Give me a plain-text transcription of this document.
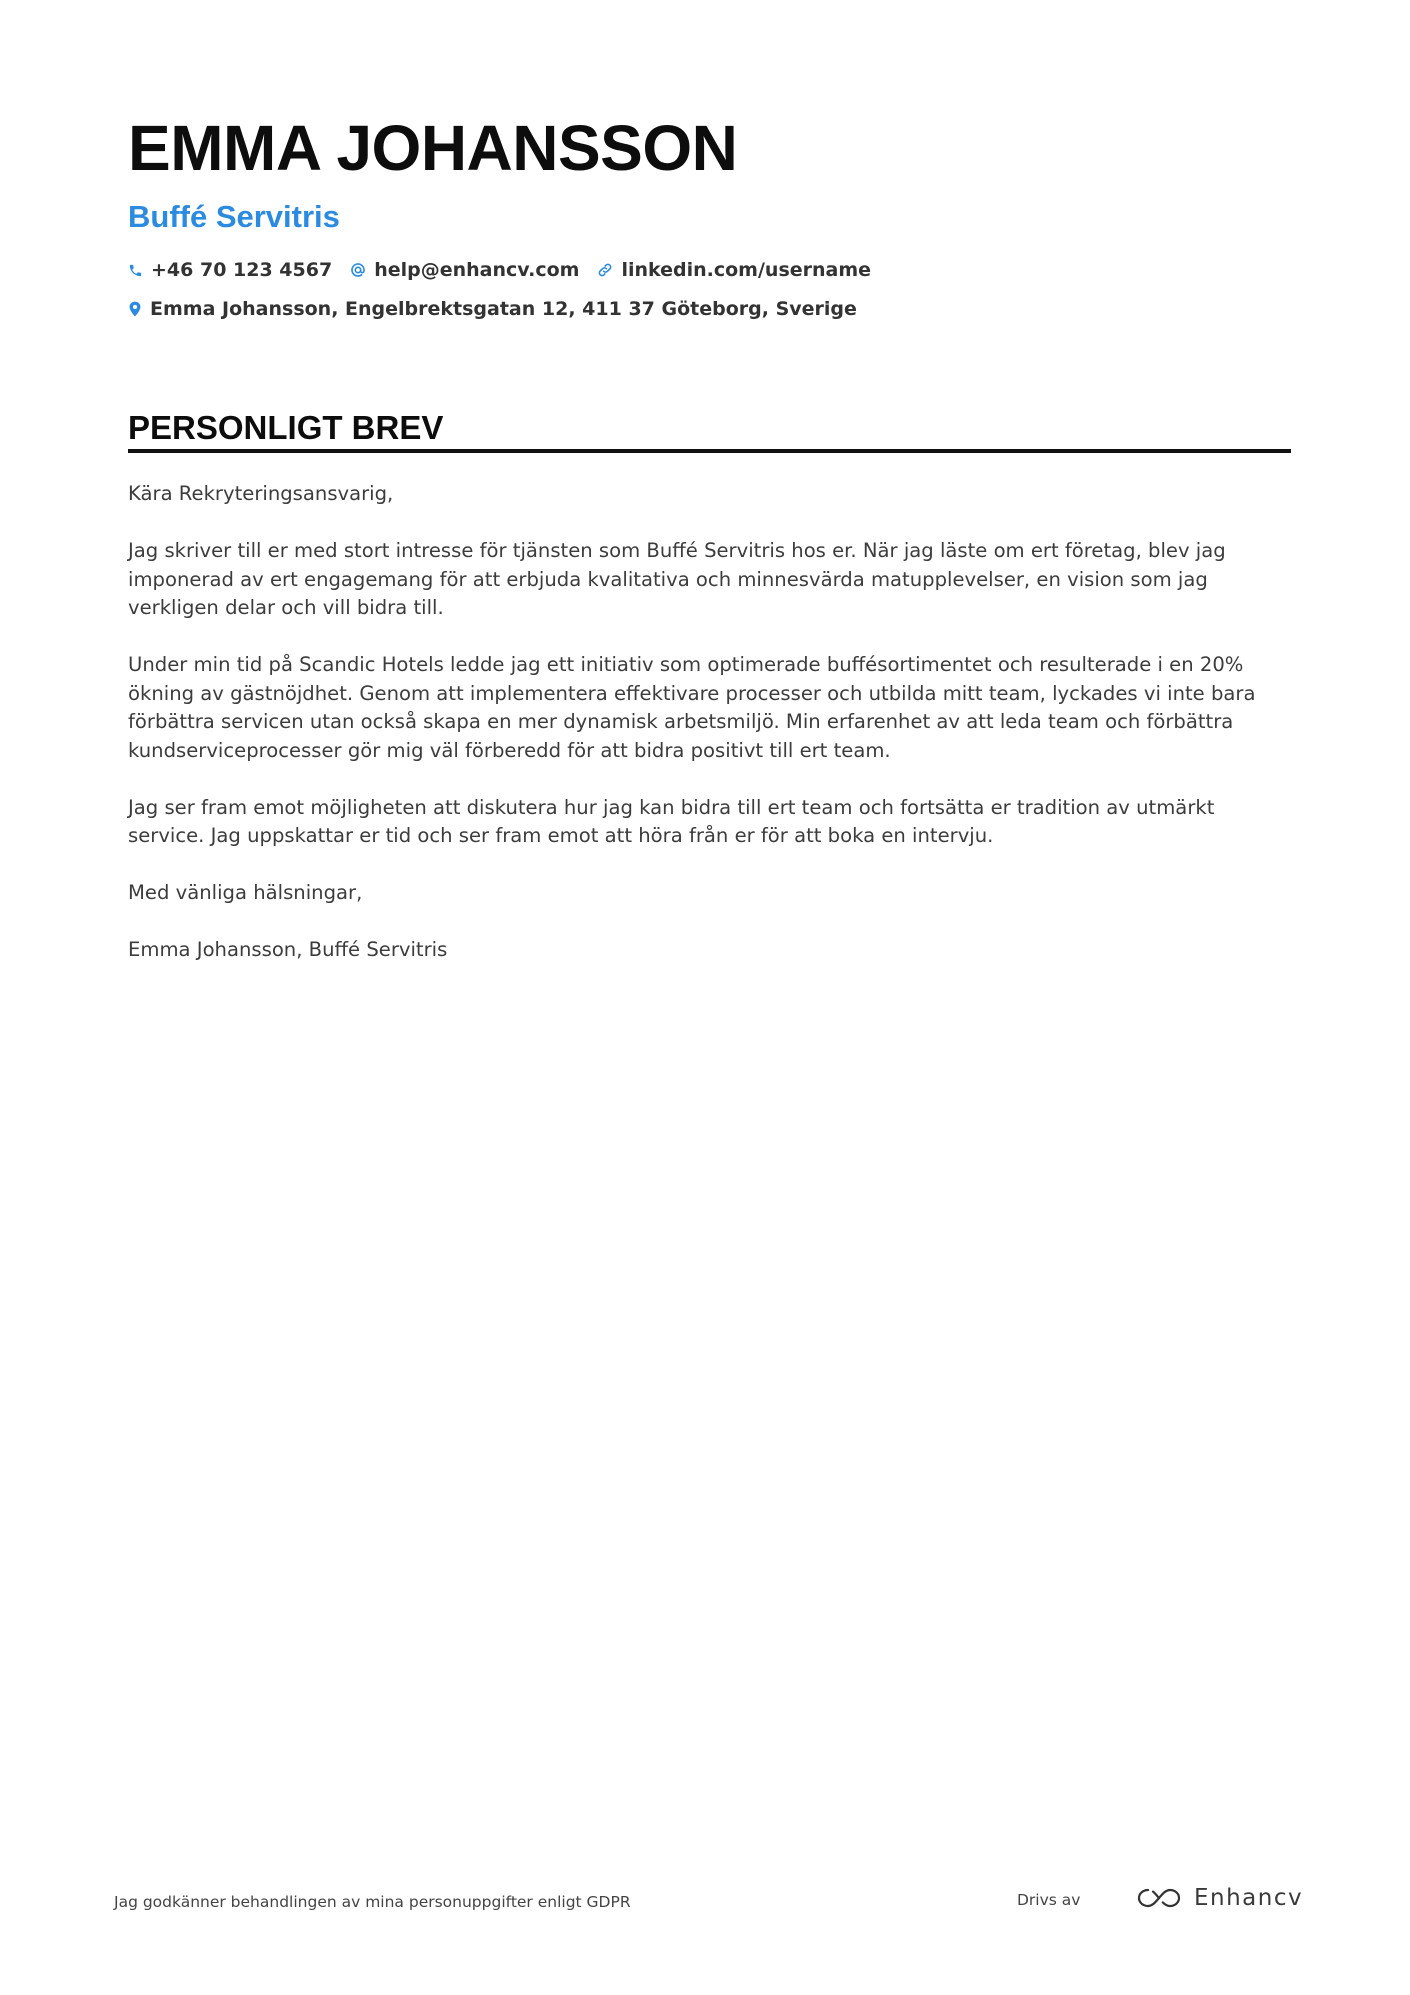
EMMA JOHANSSON
Buffé Servitris
+46 70 123 4567 help@enhancv.com linkedin.com/username
Emma Johansson, Engelbrektsgatan 12, 411 37 Göteborg, Sverige
PERSONLIGT BREV

Kära Rekryteringsansvarig,

Jag skriver till er med stort intresse för tjänsten som Buffé Servitris hos er. När jag läste om ert företag, blev jag imponerad av ert engagemang för att erbjuda kvalitativa och minnesvärda matupplevelser, en vision som jag verkligen delar och vill bidra till.

Under min tid på Scandic Hotels ledde jag ett initiativ som optimerade buffésortimentet och resulterade i en 20% ökning av gästnöjdhet. Genom att implementera effektivare processer och utbilda mitt team, lyckades vi inte bara förbättra servicen utan också skapa en mer dynamisk arbetsmiljö. Min erfarenhet av att leda team och förbättra kundserviceprocesser gör mig väl förberedd för att bidra positivt till ert team.

Jag ser fram emot möjligheten att diskutera hur jag kan bidra till ert team och fortsätta er tradition av utmärkt service. Jag uppskattar er tid och ser fram emot att höra från er för att boka en intervju.

Med vänliga hälsningar,

Emma Johansson, Buffé Servitris

Jag godkänner behandlingen av mina personuppgifter enligt GDPR	Drivs av	Enhancv
